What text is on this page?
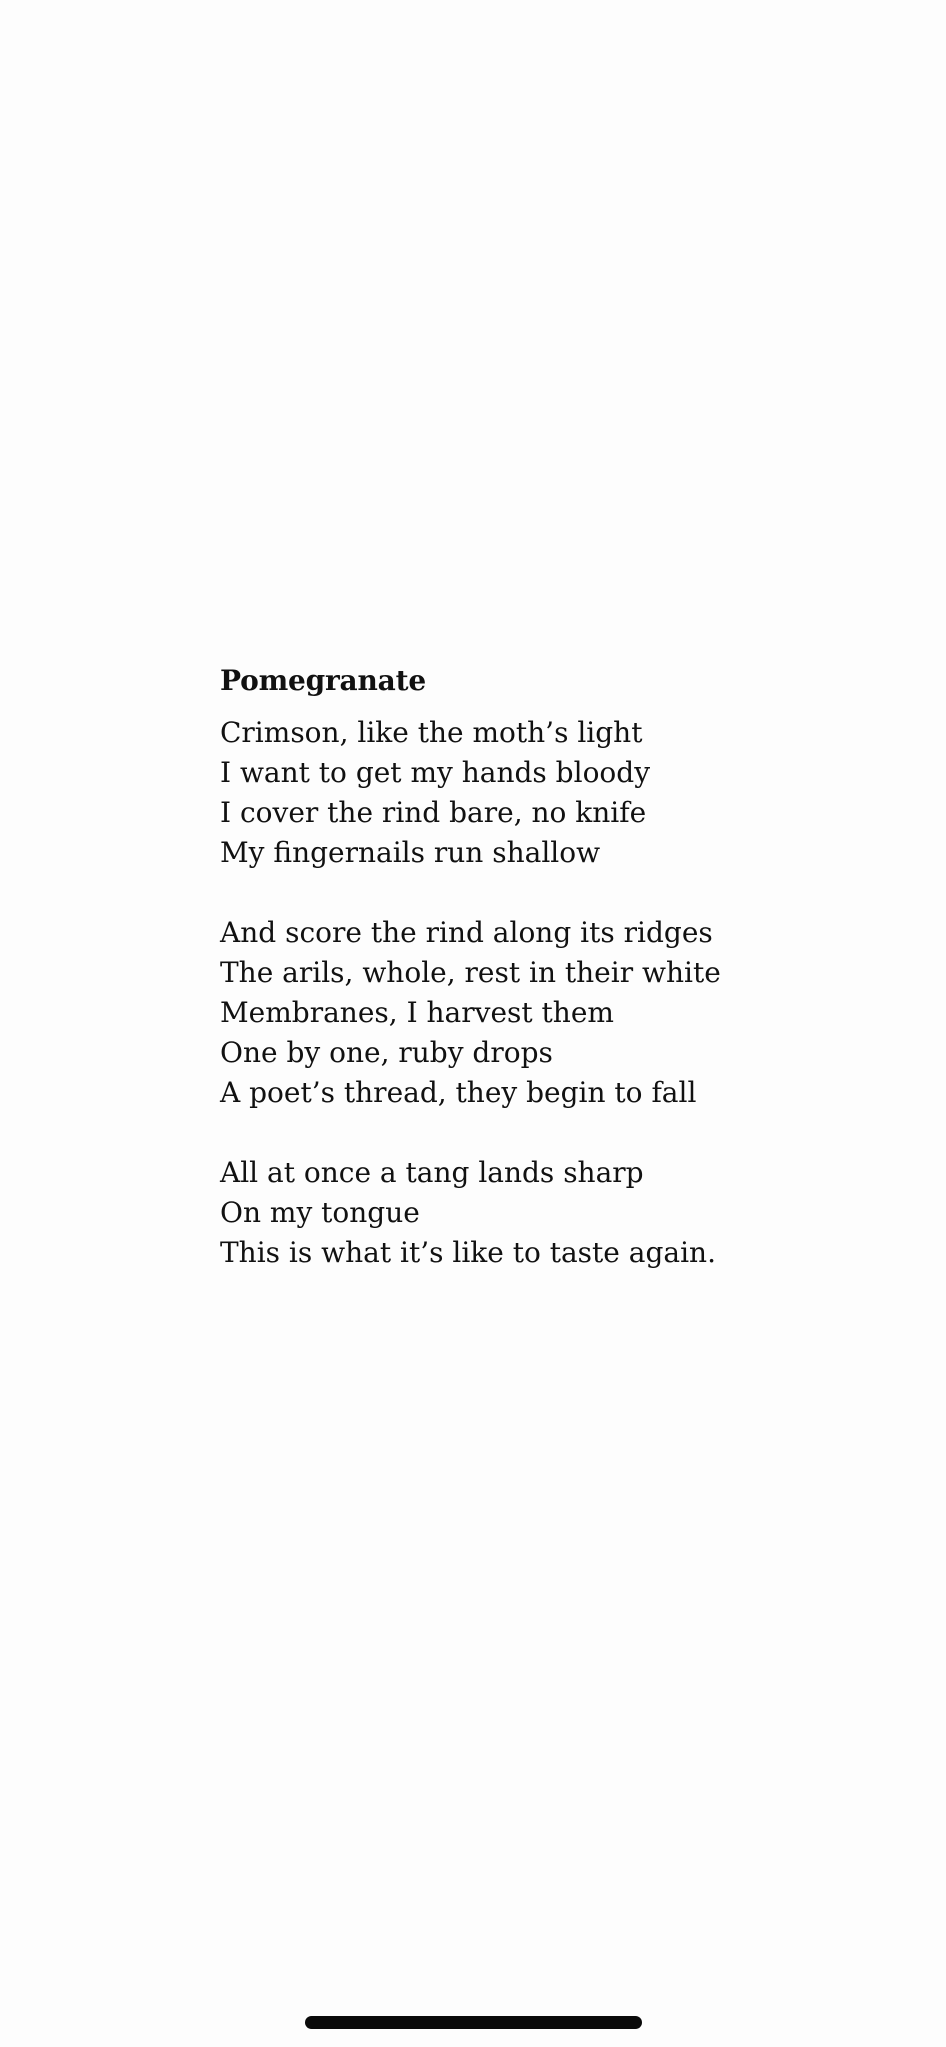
Pomegranate

Crimson, like the moth’s light
I want to get my hands bloody
I cover the rind bare, no knife
My fingernails run shallow

And score the rind along its ridges
The arils, whole, rest in their white
Membranes, I harvest them
One by one, ruby drops
A poet’s thread, they begin to fall

All at once a tang lands sharp
On my tongue
This is what it’s like to taste again.
